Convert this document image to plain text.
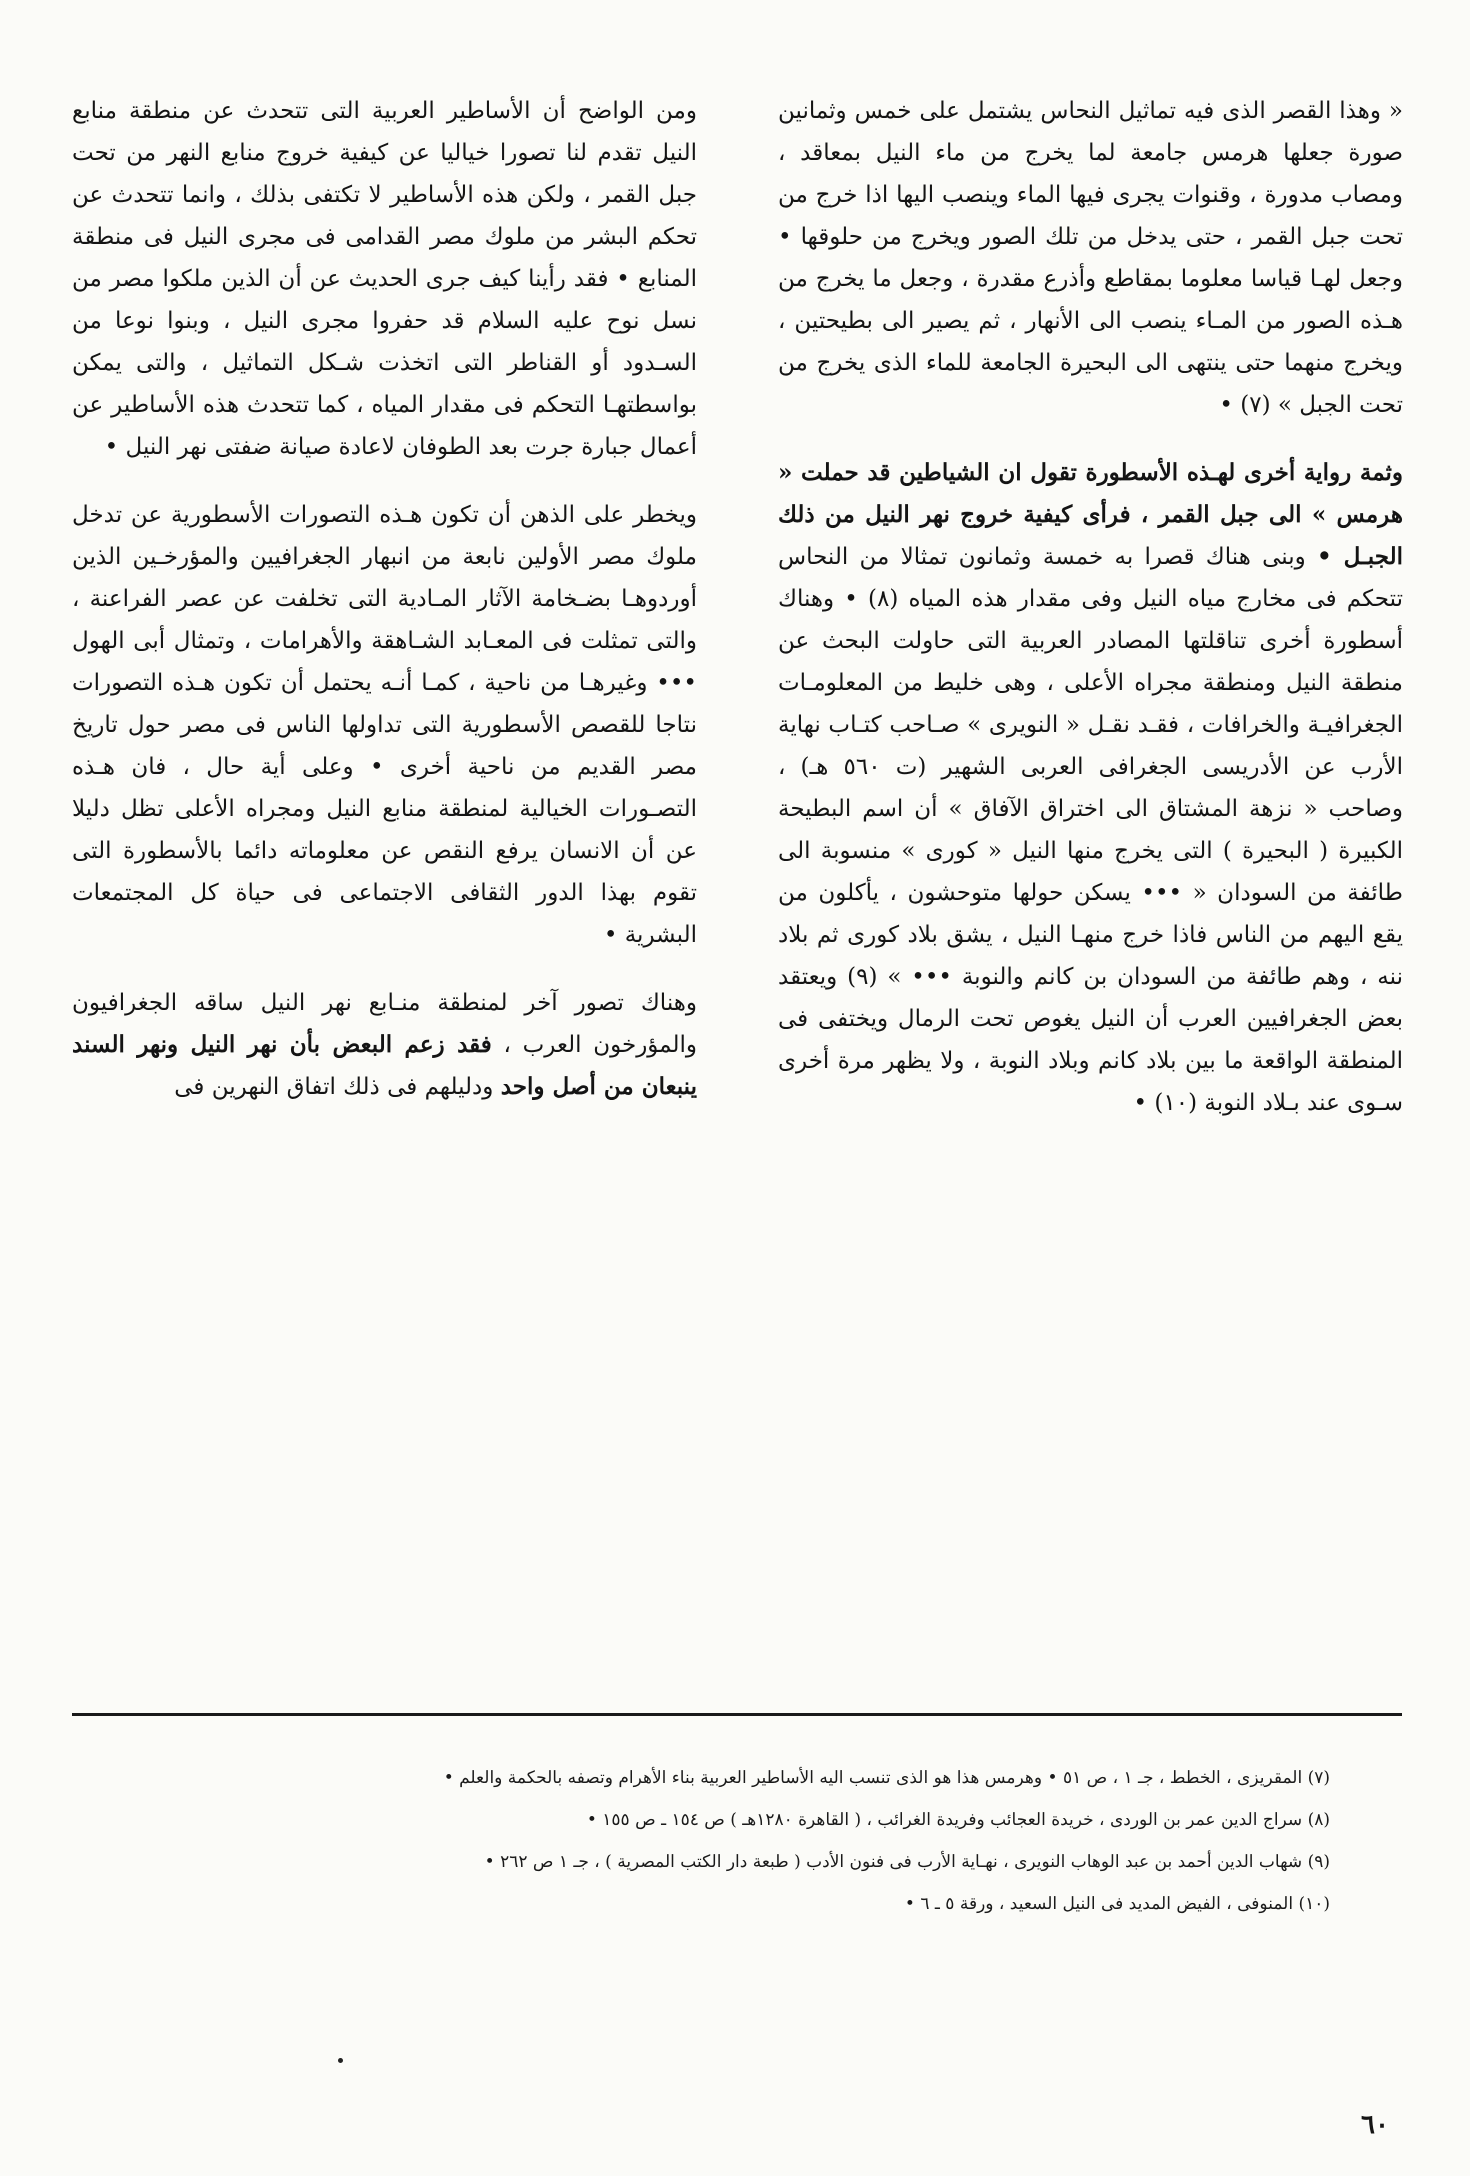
« وهذا القصر الذى فيه تماثيل النحاس يشتمل على خمس وثمانين صورة جعلها هرمس جامعة لما يخرج من ماء النيل بمعاقد ، ومصاب مدورة ، وقنوات يجرى فيها الماء وينصب اليها اذا خرج من تحت جبل القمر ، حتى يدخل من تلك الصور ويخرج من حلوقها • وجعل لهـا قياسا معلوما بمقاطع وأذرع مقدرة ، وجعل ما يخرج من هـذه الصور من المـاء ينصب الى الأنهار ، ثم يصير الى بطيحتين ، ويخرج منهما حتى ينتهى الى البحيرة الجامعة للماء الذى يخرج من تحت الجبل » (٧) •

وثمة رواية أخرى لهـذه الأسطورة تقول ان الشياطين قد حملت « هرمس » الى جبل القمر ، فرأى كيفية خروج نهر النيل من ذلك الجبـل • وبنى هناك قصرا به خمسة وثمانون تمثالا من النحاس تتحكم فى مخارج مياه النيل وفى مقدار هذه المياه (٨) • وهناك أسطورة أخرى تناقلتها المصادر العربية التى حاولت البحث عن منطقة النيل ومنطقة مجراه الأعلى ، وهى خليط من المعلومـات الجغرافيـة والخرافات ، فقـد نقـل « النويرى » صـاحب كتـاب نهاية الأرب عن الأدريسى الجغرافى العربى الشهير (ت ٥٦٠ هـ) ، وصاحب « نزهة المشتاق الى اختراق الآفاق » أن اسم البطيحة الكبيرة ( البحيرة ) التى يخرج منها النيل « كورى » منسوبة الى طائفة من السودان « ••• يسكن حولها متوحشون ، يأكلون من يقع اليهم من الناس فاذا خرج منهـا النيل ، يشق بلاد كورى ثم بلاد ننه ، وهم طائفة من السودان بن كانم والنوبة ••• » (٩) ويعتقد بعض الجغرافيين العرب أن النيل يغوص تحت الرمال ويختفى فى المنطقة الواقعة ما بين بلاد كانم وبلاد النوبة ، ولا يظهر مرة أخرى سـوى عند بـلاد النوبة (١٠) •

ومن الواضح أن الأساطير العربية التى تتحدث عن منطقة منابع النيل تقدم لنا تصورا خياليا عن كيفية خروج منابع النهر من تحت جبل القمر ، ولكن هذه الأساطير لا تكتفى بذلك ، وانما تتحدث عن تحكم البشر من ملوك مصر القدامى فى مجرى النيل فى منطقة المنابع • فقد رأينا كيف جرى الحديث عن أن الذين ملكوا مصر من نسل نوح عليه السلام قد حفروا مجرى النيل ، وبنوا نوعا من السـدود أو القناطر التى اتخذت شـكل التماثيل ، والتى يمكن بواسطتهـا التحكم فى مقدار المياه ، كما تتحدث هذه الأساطير عن أعمال جبارة جرت بعد الطوفان لاعادة صيانة ضفتى نهر النيل •

ويخطر على الذهن أن تكون هـذه التصورات الأسطورية عن تدخل ملوك مصر الأولين نابعة من انبهار الجغرافيين والمؤرخـين الذين أوردوهـا بضـخامة الآثار المـادية التى تخلفت عن عصر الفراعنة ، والتى تمثلت فى المعـابد الشـاهقة والأهرامات ، وتمثال أبى الهول ••• وغيرهـا من ناحية ، كمـا أنـه يحتمل أن تكون هـذه التصورات نتاجا للقصص الأسطورية التى تداولها الناس فى مصر حول تاريخ مصر القديم من ناحية أخرى • وعلى أية حال ، فان هـذه التصـورات الخيالية لمنطقة منابع النيل ومجراه الأعلى تظل دليلا عن أن الانسان يرفع النقص عن معلوماته دائما بالأسطورة التى تقوم بهذا الدور الثقافى الاجتماعى فى حياة كل المجتمعات البشرية •

وهناك تصور آخر لمنطقة منـابع نهر النيل ساقه الجغرافيون والمؤرخون العرب ، فقد زعم البعض بأن نهر النيل ونهر السند ينبعان من أصل واحد ودليلهم فى ذلك اتفاق النهرين فى

(٧) المقريزى ، الخطط ، جـ ١ ، ص ٥١ • وهرمس هذا هو الذى تنسب اليه الأساطير العربية بناء الأهرام وتصفه بالحكمة والعلم •

(٨) سراج الدين عمر بن الوردى ، خريدة العجائب وفريدة الغرائب ، ( القاهرة ١٢٨٠هـ ) ص ١٥٤ ـ ص ١٥٥ •

(٩) شهاب الدين أحمد بن عبد الوهاب النويرى ، نهـاية الأرب فى فنون الأدب ( طبعة دار الكتب المصرية ) ، جـ ١ ص ٢٦٢ •

(١٠) المنوفى ، الفيض المديد فى النيل السعيد ، ورقة ٥ ـ ٦ •

٦٠
